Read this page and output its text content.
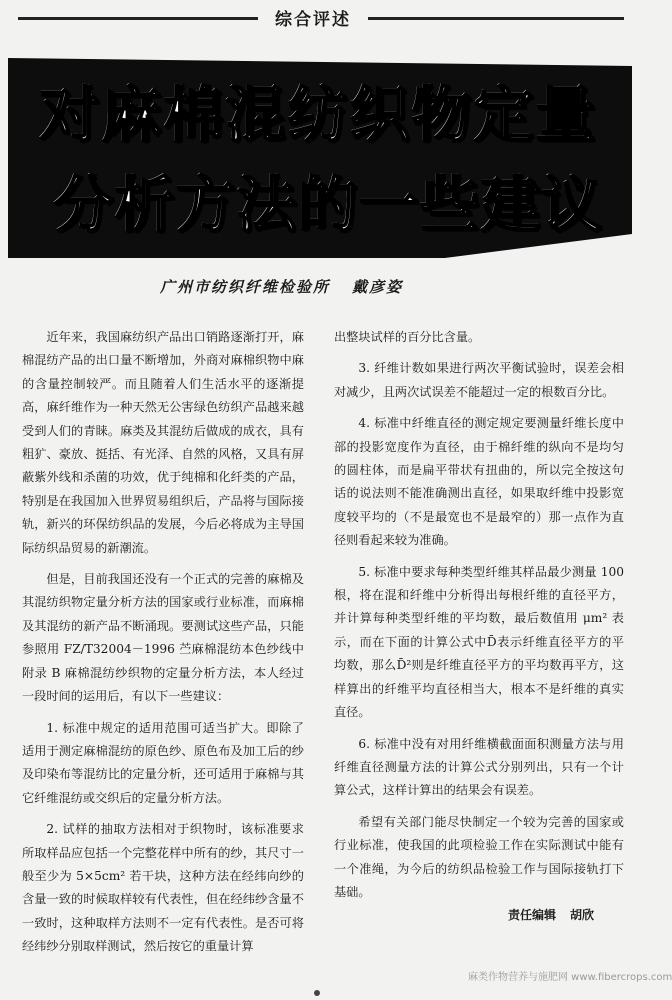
综合评述
对麻棉混纺织物定量
分析方法的一些建议
广州市纺织纤维检验所 戴彦姿

近年来，我国麻纺织产品出口销路逐渐打开，麻棉混纺产品的出口量不断增加，外商对麻棉织物中麻的含量控制较严。而且随着人们生活水平的逐渐提高，麻纤维作为一种天然无公害绿色纺织产品越来越受到人们的青睐。麻类及其混纺后做成的成衣，具有粗犷、豪放、挺括、有光泽、自然的风格，又具有屏蔽紫外线和杀菌的功效，优于纯棉和化纤类的产品，特别是在我国加入世界贸易组织后，产品将与国际接轨，新兴的环保纺织品的发展，今后必将成为主导国际纺织品贸易的新潮流。

但是，目前我国还没有一个正式的完善的麻棉及其混纺织物定量分析方法的国家或行业标准，而麻棉及其混纺的新产品不断涌现。要测试这些产品，只能参照用 FZ/T32004－1996 苎麻棉混纺本色纱线中附录 B 麻棉混纺纱织物的定量分析方法，本人经过一段时间的运用后，有以下一些建议：

1. 标准中规定的适用范围可适当扩大。即除了适用于测定麻棉混纺的原色纱、原色布及加工后的纱及印染布等混纺比的定量分析，还可适用于麻棉与其它纤维混纺或交织后的定量分析方法。

2. 试样的抽取方法相对于织物时，该标准要求所取样品应包括一个完整花样中所有的纱，其尺寸一般至少为 5×5cm² 若干块，这种方法在经纬向纱的含量一致的时候取样较有代表性，但在经纬纱含量不一致时，这种取样方法则不一定有代表性。是否可将经纬纱分别取样测试，然后按它的重量计算

出整块试样的百分比含量。

3. 纤维计数如果进行两次平衡试验时，误差会相对减少，且两次试误差不能超过一定的根数百分比。

4. 标准中纤维直径的测定规定要测量纤维长度中部的投影宽度作为直径，由于棉纤维的纵向不是均匀的圆柱体，而是扁平带状有扭曲的，所以完全按这句话的说法则不能准确测出直径，如果取纤维中投影宽度较平均的（不是最宽也不是最窄的）那一点作为直径则看起来较为准确。

5. 标准中要求每种类型纤维其样品最少测量 100 根，将在混和纤维中分析得出每根纤维的直径平方，并计算每种类型纤维的平均数，最后数值用 μm² 表示，而在下面的计算公式中D̄表示纤维直径平方的平均数，那么D̄²则是纤维直径平方的平均数再平方，这样算出的纤维平均直径相当大，根本不是纤维的真实直径。

6. 标准中没有对用纤维横截面面积测量方法与用纤维直径测量方法的计算公式分别列出，只有一个计算公式，这样计算出的结果会有误差。

希望有关部门能尽快制定一个较为完善的国家或行业标准，使我国的此项检验工作在实际测试中能有一个准绳，为今后的纺织品检验工作与国际接轨打下基础。

责任编辑 胡欣
麻类作物营养与施肥网 www.fibercrops.com
